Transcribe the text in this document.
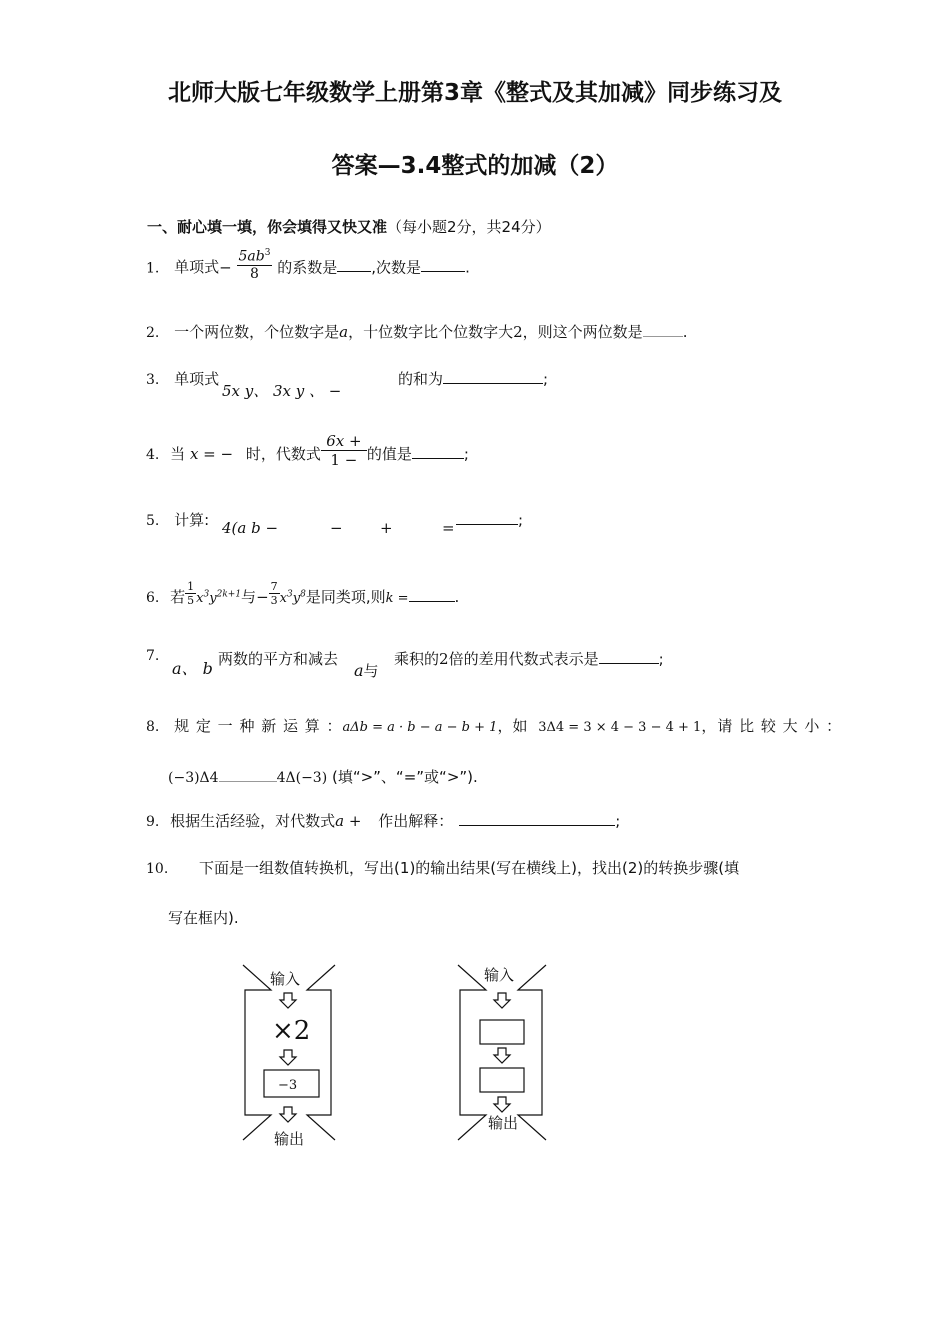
北师大版七年级数学上册第3章《整式及其加减》同步练习及
答案—3.4整式的加减（2）
一、耐心填一填，你会填得又快又准（每小题2分，共24分）
1. 单项式− $\frac{5ab^3}{8}$ 的系数是 ,次数是	.
2. 一个两位数，个位数字是a，十位数字比个位数字大2，则这个两位数是	.
3. 单项式
5x y、 3x y 、 −
的和为	;
4. 当 x = − 时，代数式 $\frac{6x +}{1 -}$ 的值是	;
5. 计算: 4(a b −	− +	=	;
6. 若 $\frac{1}{5} x^3y^{2k+1}$与− $\frac{7}{3} x^3y^8$是同类项,则k =	.
7.
a、 b 两数的平方和减去
a与
乘积的2倍的差用代数式表示是	;
8. 规 定 一 种 新 运 算 ：aΔb = a · b − a − b + 1，如 3Δ4 = 3 × 4 − 3 − 4 + 1，请 比 较 大 小 ：
(−3)Δ4	4Δ(−3) (填“>”、“=”或“>”).
9. 根据生活经验，对代数式a + 作出解释：	;
10. 下面是一组数值转换机，写出(1)的输出结果(写在横线上)，找出(2)的转换步骤(填
写在框内).
输入
×2
−3
输出
输入
输出
